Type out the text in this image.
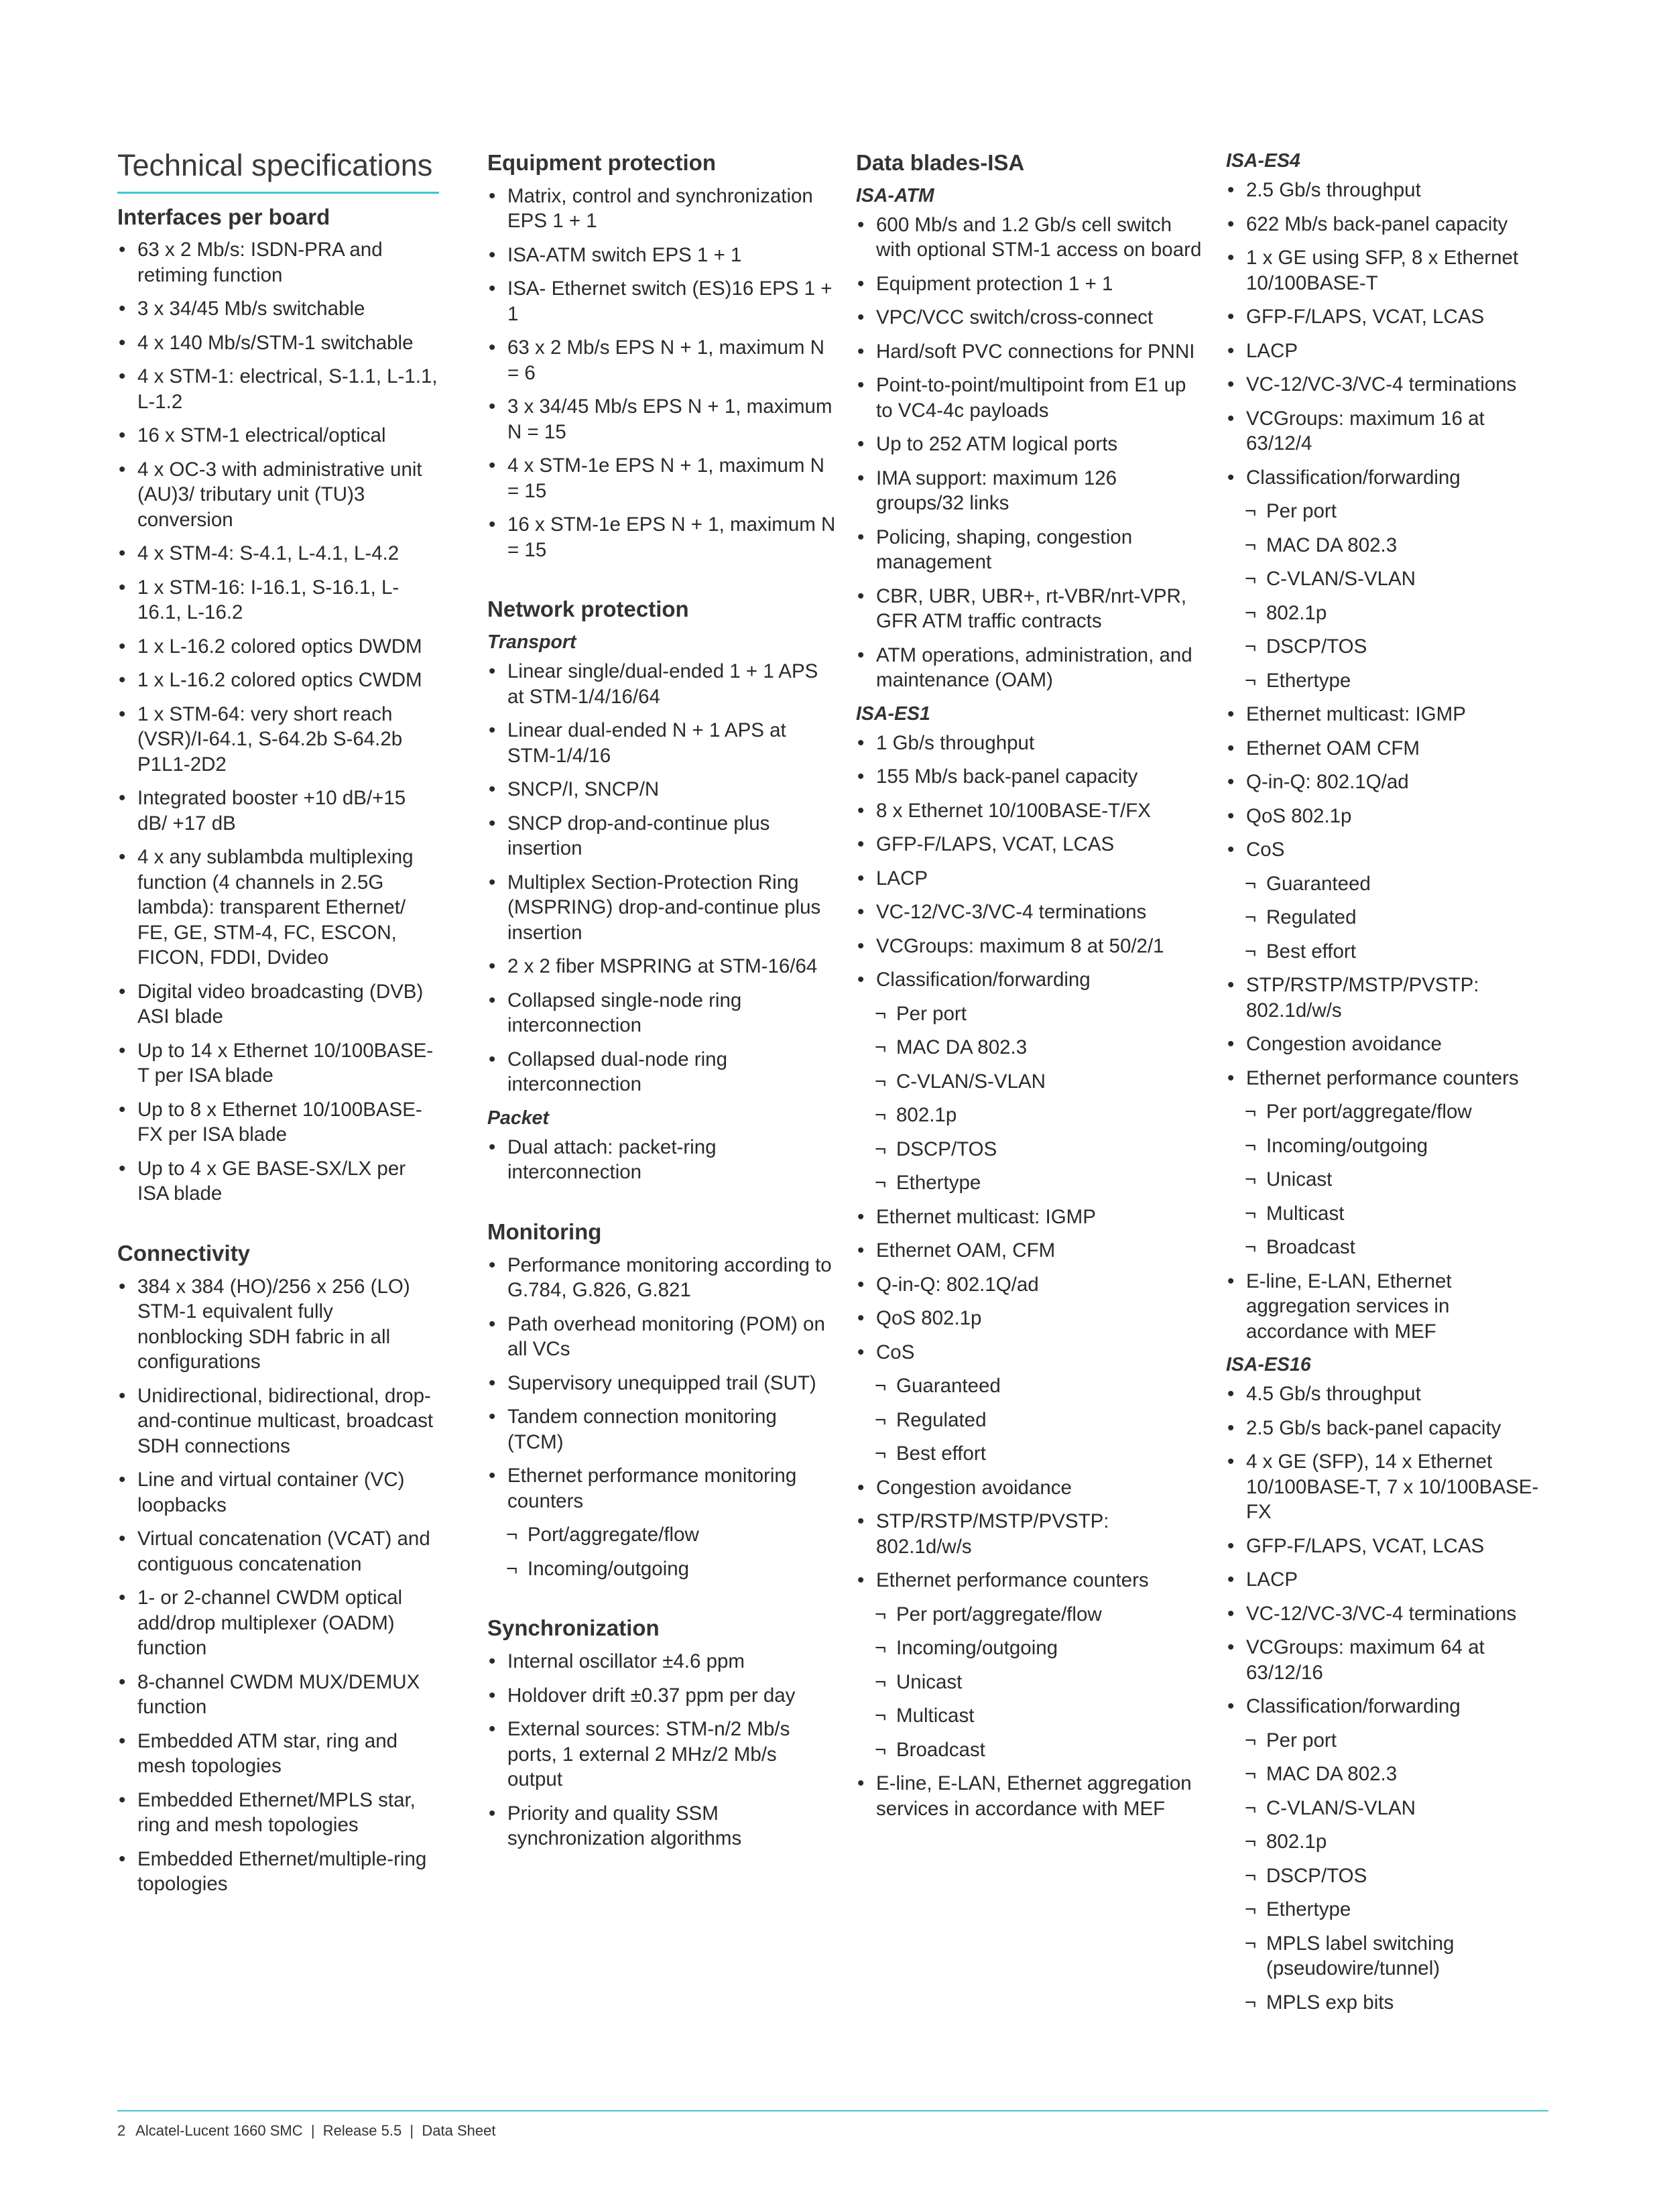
Technical specifications
Interfaces per board
• 63 x 2 Mb/s: ISDN-PRA and retiming function
• 3 x 34/45 Mb/s switchable
• 4 x 140 Mb/s/STM-1 switchable
• 4 x STM-1: electrical, S-1.1, L-1.1, L-1.2
• 16 x STM-1 electrical/optical
• 4 x OC-3 with administrative unit (AU)3/ tributary unit (TU)3 conversion
• 4 x STM-4: S-4.1, L-4.1, L-4.2
• 1 x STM-16: I-16.1, S-16.1, L-16.1, L-16.2
• 1 x L-16.2 colored optics DWDM
• 1 x L-16.2 colored optics CWDM
• 1 x STM-64: very short reach (VSR)/I-64.1, S-64.2b S-64.2b P1L1-2D2
• Integrated booster +10 dB/+15 dB/ +17 dB
• 4 x any sublambda multiplexing function (4 channels in 2.5G lambda): transparent Ethernet/ FE, GE, STM-4, FC, ESCON, FICON, FDDI, Dvideo
• Digital video broadcasting (DVB) ASI blade
• Up to 14 x Ethernet 10/100BASE-T per ISA blade
• Up to 8 x Ethernet 10/100BASE-FX per ISA blade
• Up to 4 x GE BASE-SX/LX per ISA blade
Connectivity
• 384 x 384 (HO)/256 x 256 (LO) STM-1 equivalent fully nonblocking SDH fabric in all configurations
• Unidirectional, bidirectional, drop-and-continue multicast, broadcast SDH connections
• Line and virtual container (VC) loopbacks
• Virtual concatenation (VCAT) and contiguous concatenation
• 1- or 2-channel CWDM optical add/drop multiplexer (OADM) function
• 8-channel CWDM MUX/DEMUX function
• Embedded ATM star, ring and mesh topologies
• Embedded Ethernet/MPLS star, ring and mesh topologies
• Embedded Ethernet/multiple-ring topologies
Equipment protection
• Matrix, control and synchronization EPS 1 + 1
• ISA-ATM switch EPS 1 + 1
• ISA- Ethernet switch (ES)16 EPS 1 + 1
• 63 x 2 Mb/s EPS N + 1, maximum N = 6
• 3 x 34/45 Mb/s EPS N + 1, maximum N = 15
• 4 x STM-1e EPS N + 1, maximum N = 15
• 16 x STM-1e EPS N + 1, maximum N = 15
Network protection
Transport
• Linear single/dual-ended 1 + 1 APS at STM-1/4/16/64
• Linear dual-ended N + 1 APS at STM-1/4/16
• SNCP/I, SNCP/N
• SNCP drop-and-continue plus insertion
• Multiplex Section-Protection Ring (MSPRING) drop-and-continue plus insertion
• 2 x 2 fiber MSPRING at STM-16/64
• Collapsed single-node ring interconnection
• Collapsed dual-node ring interconnection
Packet
• Dual attach: packet-ring interconnection
Monitoring
• Performance monitoring according to G.784, G.826, G.821
• Path overhead monitoring (POM) on all VCs
• Supervisory unequipped trail (SUT)
• Tandem connection monitoring (TCM)
• Ethernet performance monitoring counters
¬ Port/aggregate/flow
¬ Incoming/outgoing
Synchronization
• Internal oscillator ±4.6 ppm
• Holdover drift ±0.37 ppm per day
• External sources: STM-n/2 Mb/s ports, 1 external 2 MHz/2 Mb/s output
• Priority and quality SSM synchronization algorithms
Data blades-ISA
ISA-ATM
• 600 Mb/s and 1.2 Gb/s cell switch with optional STM-1 access on board
• Equipment protection 1 + 1
• VPC/VCC switch/cross-connect
• Hard/soft PVC connections for PNNI
• Point-to-point/multipoint from E1 up to VC4-4c payloads
• Up to 252 ATM logical ports
• IMA support: maximum 126 groups/32 links
• Policing, shaping, congestion management
• CBR, UBR, UBR+, rt-VBR/nrt-VPR, GFR ATM traffic contracts
• ATM operations, administration, and maintenance (OAM)
ISA-ES1
• 1 Gb/s throughput
• 155 Mb/s back-panel capacity
• 8 x Ethernet 10/100BASE-T/FX
• GFP-F/LAPS, VCAT, LCAS
• LACP
• VC-12/VC-3/VC-4 terminations
• VCGroups: maximum 8 at 50/2/1
• Classification/forwarding
¬ Per port
¬ MAC DA 802.3
¬ C-VLAN/S-VLAN
¬ 802.1p
¬ DSCP/TOS
¬ Ethertype
• Ethernet multicast: IGMP
• Ethernet OAM, CFM
• Q-in-Q: 802.1Q/ad
• QoS 802.1p
• CoS
¬ Guaranteed
¬ Regulated
¬ Best effort
• Congestion avoidance
• STP/RSTP/MSTP/PVSTP: 802.1d/w/s
• Ethernet performance counters
¬ Per port/aggregate/flow
¬ Incoming/outgoing
¬ Unicast
¬ Multicast
¬ Broadcast
• E-line, E-LAN, Ethernet aggregation services in accordance with MEF
ISA-ES4
• 2.5 Gb/s throughput
• 622 Mb/s back-panel capacity
• 1 x GE using SFP, 8 x Ethernet 10/100BASE-T
• GFP-F/LAPS, VCAT, LCAS
• LACP
• VC-12/VC-3/VC-4 terminations
• VCGroups: maximum 16 at 63/12/4
• Classification/forwarding
¬ Per port
¬ MAC DA 802.3
¬ C-VLAN/S-VLAN
¬ 802.1p
¬ DSCP/TOS
¬ Ethertype
• Ethernet multicast: IGMP
• Ethernet OAM CFM
• Q-in-Q: 802.1Q/ad
• QoS 802.1p
• CoS
¬ Guaranteed
¬ Regulated
¬ Best effort
• STP/RSTP/MSTP/PVSTP: 802.1d/w/s
• Congestion avoidance
• Ethernet performance counters
¬ Per port/aggregate/flow
¬ Incoming/outgoing
¬ Unicast
¬ Multicast
¬ Broadcast
• E-line, E-LAN, Ethernet aggregation services in accordance with MEF
ISA-ES16
• 4.5 Gb/s throughput
• 2.5 Gb/s back-panel capacity
• 4 x GE (SFP), 14 x Ethernet 10/100BASE-T, 7 x 10/100BASE-FX
• GFP-F/LAPS, VCAT, LCAS
• LACP
• VC-12/VC-3/VC-4 terminations
• VCGroups: maximum 64 at 63/12/16
• Classification/forwarding
¬ Per port
¬ MAC DA 802.3
¬ C-VLAN/S-VLAN
¬ 802.1p
¬ DSCP/TOS
¬ Ethertype
¬ MPLS label switching (pseudowire/tunnel)
¬ MPLS exp bits
2 Alcatel-Lucent 1660 SMC  |  Release 5.5  |  Data Sheet
